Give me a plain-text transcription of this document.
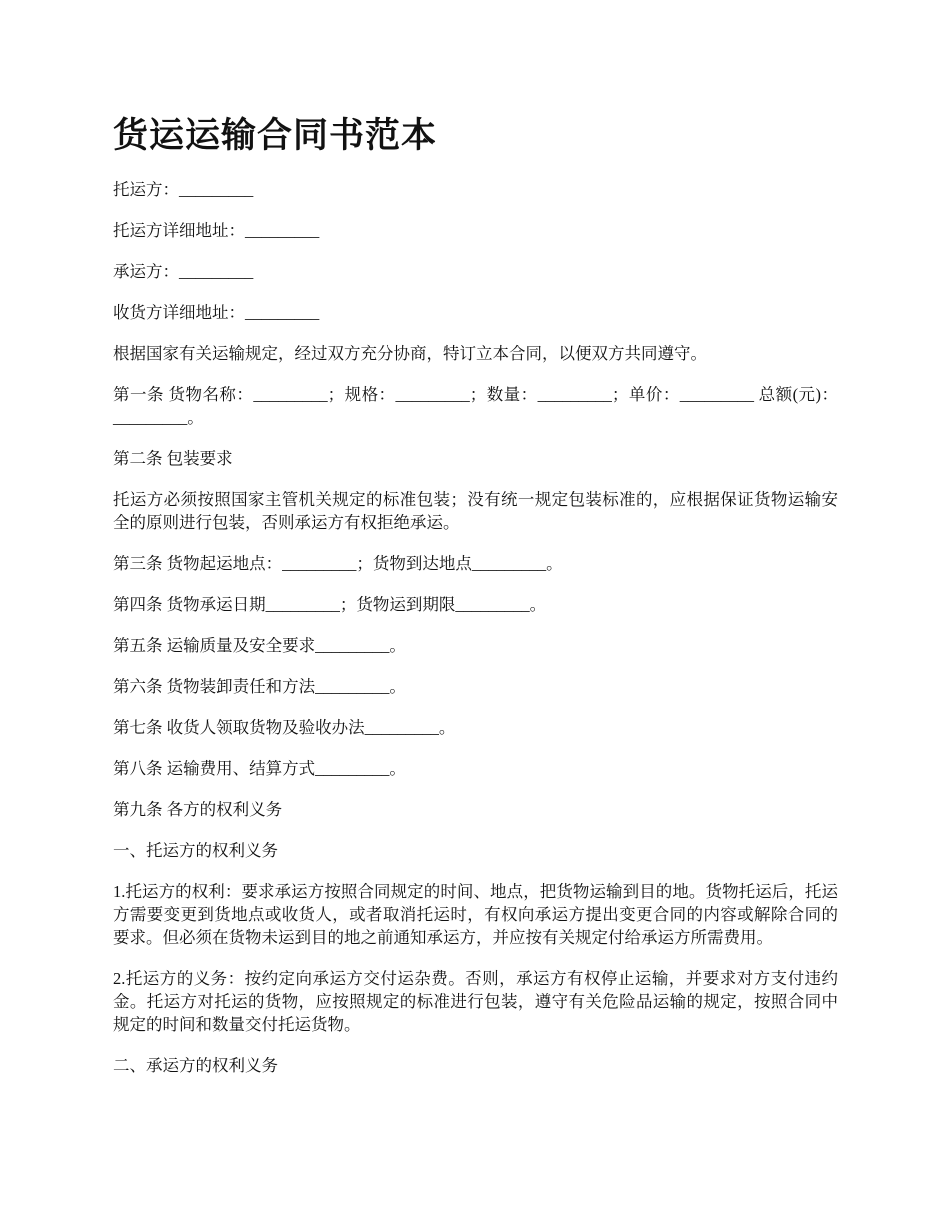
货运运输合同书范本

托运方：_________

托运方详细地址：_________

承运方：_________

收货方详细地址：_________

根据国家有关运输规定，经过双方充分协商，特订立本合同，以便双方共同遵守。

第一条 货物名称：_________；规格：_________；数量：_________；单价：_________ 总额(元)：_________。

第二条 包装要求

托运方必须按照国家主管机关规定的标准包装；没有统一规定包装标准的，应根据保证货物运输安全的原则进行包装，否则承运方有权拒绝承运。

第三条 货物起运地点：_________；货物到达地点_________。

第四条 货物承运日期_________；货物运到期限_________。

第五条 运输质量及安全要求_________。

第六条 货物装卸责任和方法_________。

第七条 收货人领取货物及验收办法_________。

第八条 运输费用、结算方式_________。

第九条 各方的权利义务

一、托运方的权利义务

1.托运方的权利：要求承运方按照合同规定的时间、地点，把货物运输到目的地。货物托运后，托运方需要变更到货地点或收货人，或者取消托运时，有权向承运方提出变更合同的内容或解除合同的要求。但必须在货物未运到目的地之前通知承运方，并应按有关规定付给承运方所需费用。

2.托运方的义务：按约定向承运方交付运杂费。否则，承运方有权停止运输，并要求对方支付违约金。托运方对托运的货物，应按照规定的标准进行包装，遵守有关危险品运输的规定，按照合同中规定的时间和数量交付托运货物。

二、承运方的权利义务
